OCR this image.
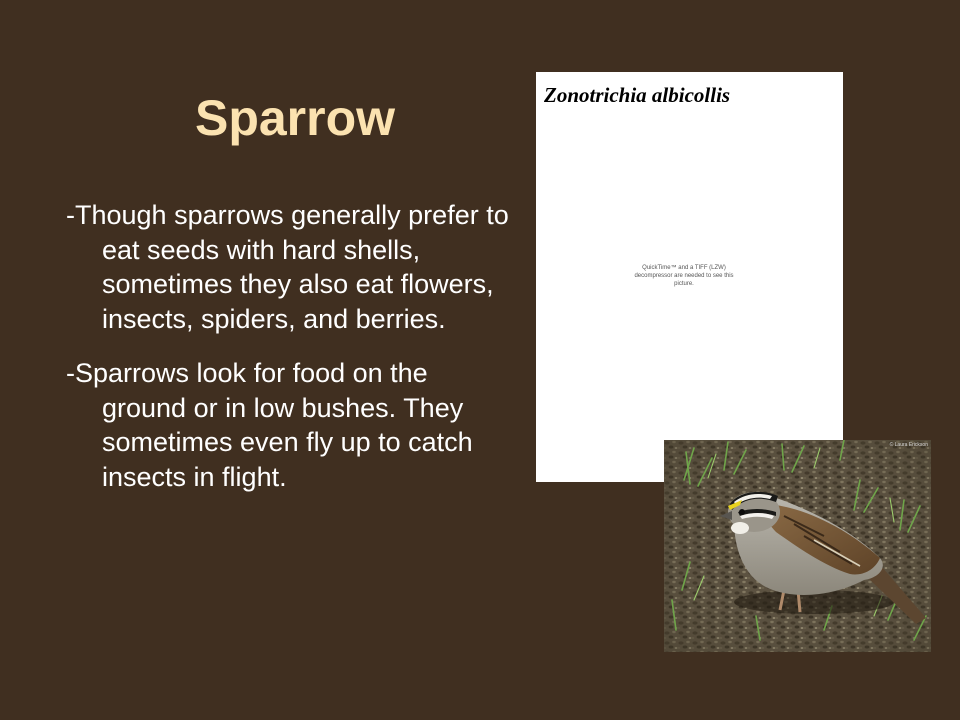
Sparrow
-Though sparrows generally prefer to eat seeds with hard shells, sometimes they also eat flowers, insects, spiders, and berries.
-Sparrows look for food on the ground or in low bushes. They sometimes even fly up to catch insects in flight.
Zonotrichia albicollis
QuickTime™ and a TIFF (LZW) decompressor are needed to see this picture.
© Laura Erickson
